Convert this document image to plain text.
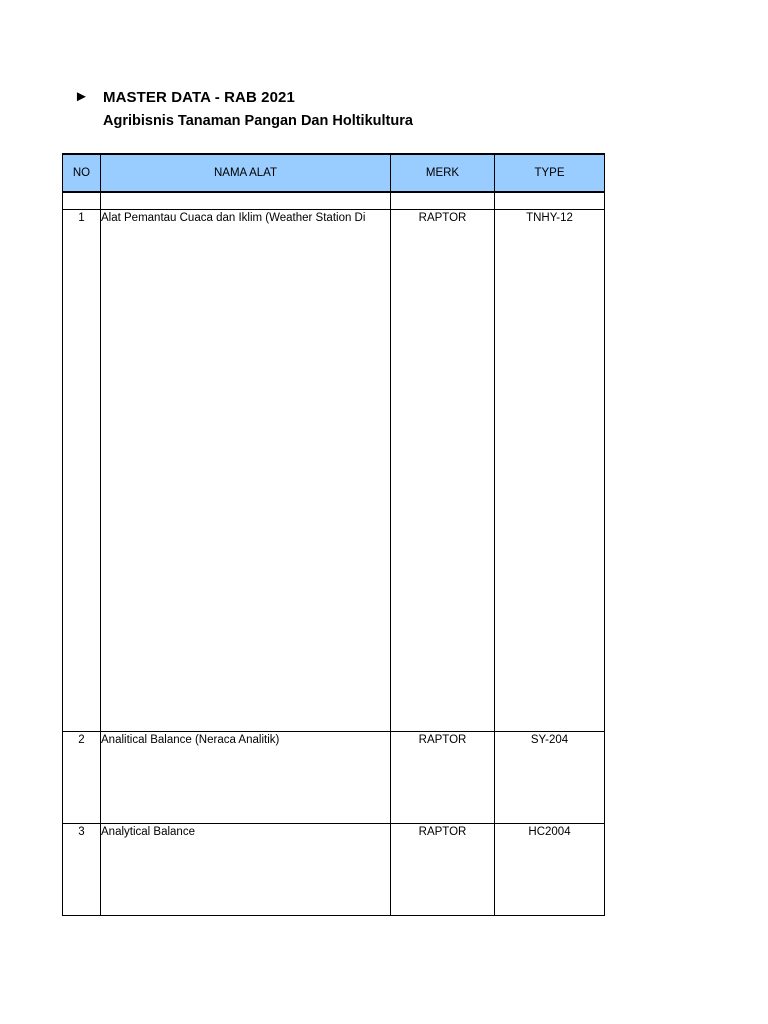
► MASTER DATA - RAB 2021
Agribisnis Tanaman Pangan Dan Holtikultura
NO	NAMA ALAT	MERK	TYPE

1	Alat Pemantau Cuaca dan Iklim (Weather Station Di	RAPTOR	TNHY-12
2	Analitical Balance (Neraca Analitik)	RAPTOR	SY-204
3	Analytical Balance	RAPTOR	HC2004
